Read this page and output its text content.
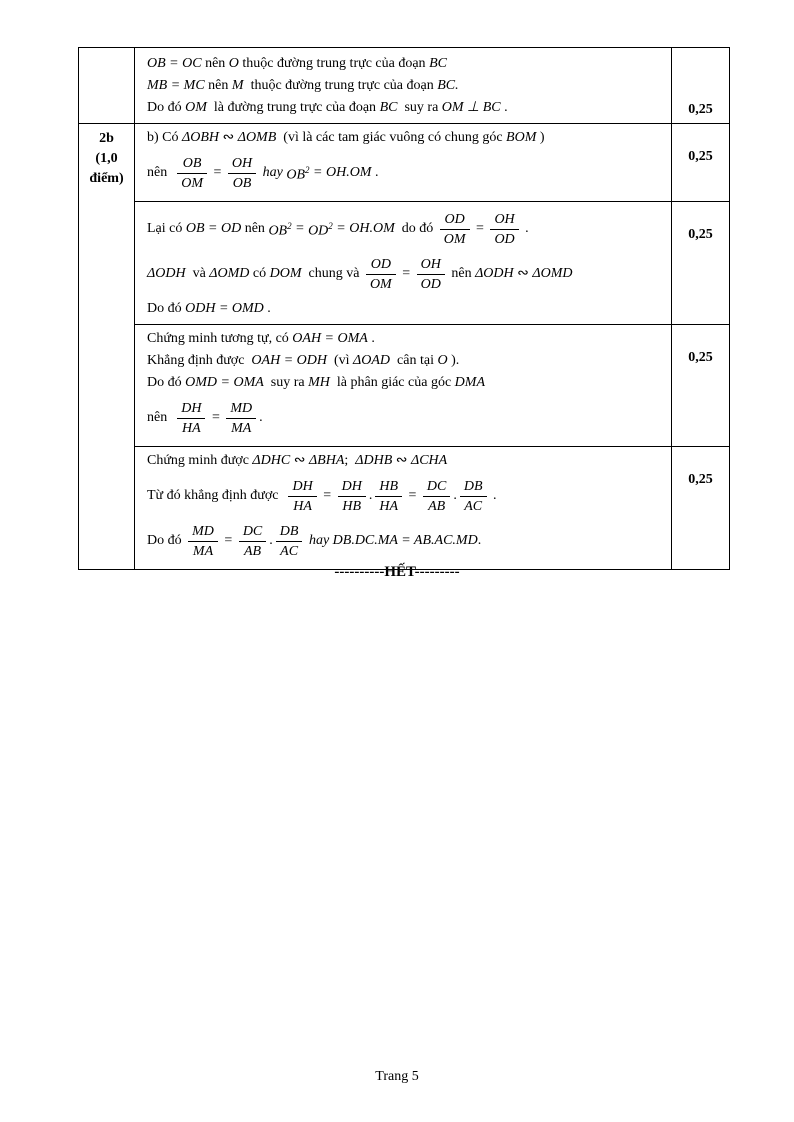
OB = OC nên O thuộc đường trung trực của đoạn BC
MB = MC nên M  thuộc đường trung trực của đoạn BC.
Do đó OM  là đường trung trực của đoạn BC  suy ra OM ⊥ BC .	0,25
2b
(1,0
điểm)
b) Có ΔOBH ∾ ΔOMB  (vì là các tam giác vuông có chung góc BOM )
nên $\frac{OB}{OM} = \frac{OH}{OB}$ hay $OB^2 = OH.OM$ .
0,25
Lại có OB = OD nên $OB^2 = OD^2 = OH.OM$ do đó $\frac{OD}{OM} = \frac{OH}{OD}$ .
ΔODH và ΔOMD có DOM chung và $\frac{OD}{OM} = \frac{OH}{OD}$ nên ΔODH ∾ ΔOMD
Do đó ODH = OMD .
0,25
Chứng minh tương tự, có OAH = OMA .
Khẳng định được  OAH = ODH  (vì ΔOAD  cân tại O ).
Do đó OMD = OMA  suy ra MH  là phân giác của góc DMA
nên $\frac{DH}{HA} = \frac{MD}{MA}$ .
0,25
Chứng minh được ΔDHC ∾ ΔBHA;  ΔDHB ∾ ΔCHA
Từ đó khẳng định được $\frac{DH}{HA} = \frac{DH}{HB}$ . $\frac{HB}{HA} = \frac{DC}{AB}$ . $\frac{DB}{AC}$ .
Do đó $\frac{MD}{MA} = \frac{DC}{AB}$ . $\frac{DB}{AC}$ hay DB.DC.MA = AB.AC.MD .
0,25
----------HẾT---------
Trang 5
